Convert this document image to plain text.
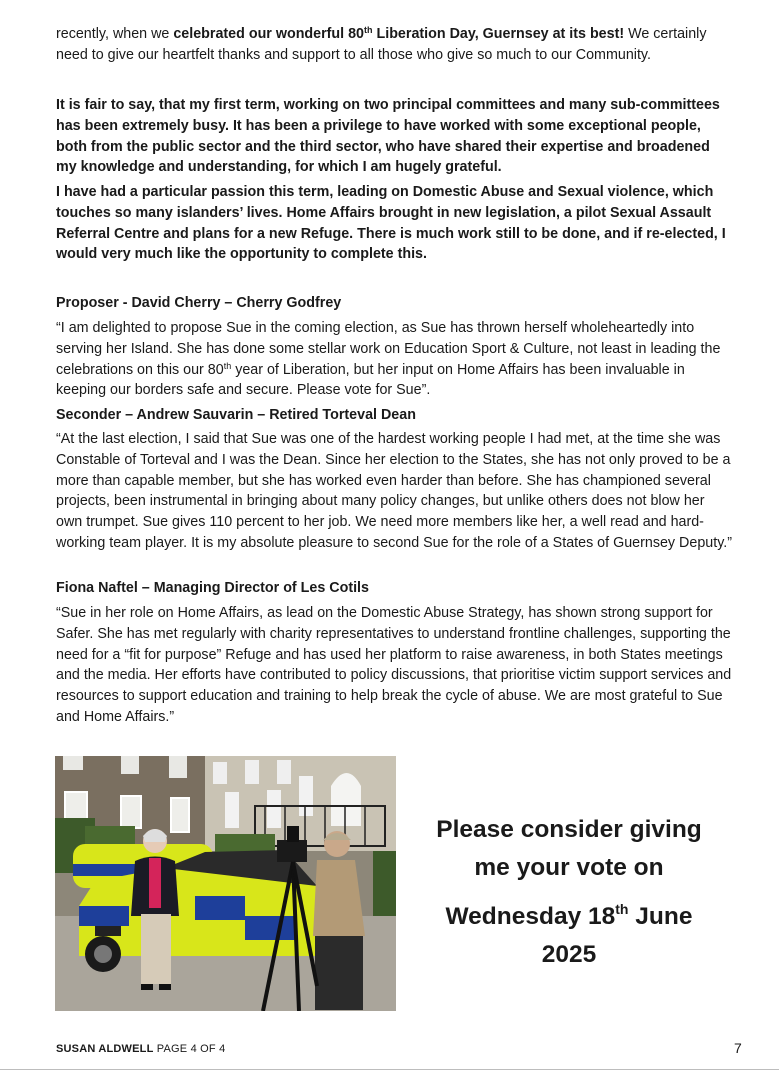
recently, when we celebrated our wonderful 80th Liberation Day, Guernsey at its best! We certainly need to give our heartfelt thanks and support to all those who give so much to our Community.

It is fair to say, that my first term, working on two principal committees and many sub-committees has been extremely busy. It has been a privilege to have worked with some exceptional people, both from the public sector and the third sector, who have shared their expertise and broadened my knowledge and understanding, for which I am hugely grateful.

I have had a particular passion this term, leading on Domestic Abuse and Sexual violence, which touches so many islanders’ lives. Home Affairs brought in new legislation, a pilot Sexual Assault Referral Centre and plans for a new Refuge. There is much work still to be done, and if re-elected, I would very much like the opportunity to complete this.

Proposer - David Cherry – Cherry Godfrey

“I am delighted to propose Sue in the coming election, as Sue has thrown herself wholeheartedly into serving her Island. She has done some stellar work on Education Sport & Culture, not least in leading the celebrations on this our 80th year of Liberation, but her input on Home Affairs has been invaluable in keeping our borders safe and secure. Please vote for Sue”.

Seconder – Andrew Sauvarin – Retired Torteval Dean

“At the last election, I said that Sue was one of the hardest working people I had met, at the time she was Constable of Torteval and I was the Dean. Since her election to the States, she has not only proved to be a more than capable member, but she has worked even harder than before. She has championed several projects, been instrumental in bringing about many policy changes, but unlike others does not blow her own trumpet. Sue gives 110 percent to her job. We need more members like her, a well read and hard-working team player. It is my absolute pleasure to second Sue for the role of a States of Guernsey Deputy.”

Fiona Naftel – Managing Director of Les Cotils

“Sue in her role on Home Affairs, as lead on the Domestic Abuse Strategy, has shown strong support for Safer. She has met regularly with charity representatives to understand frontline challenges, supporting the need for a “fit for purpose” Refuge and has used her platform to raise awareness, in both States meetings and the media. Her efforts have contributed to policy discussions, that prioritise victim support services and resources to support education and training to help break the cycle of abuse. We are most grateful to Sue and Home Affairs.”

Please consider giving
me your vote on
Wednesday 18th June
2025
SUSAN ALDWELL PAGE 4 OF 4	7
